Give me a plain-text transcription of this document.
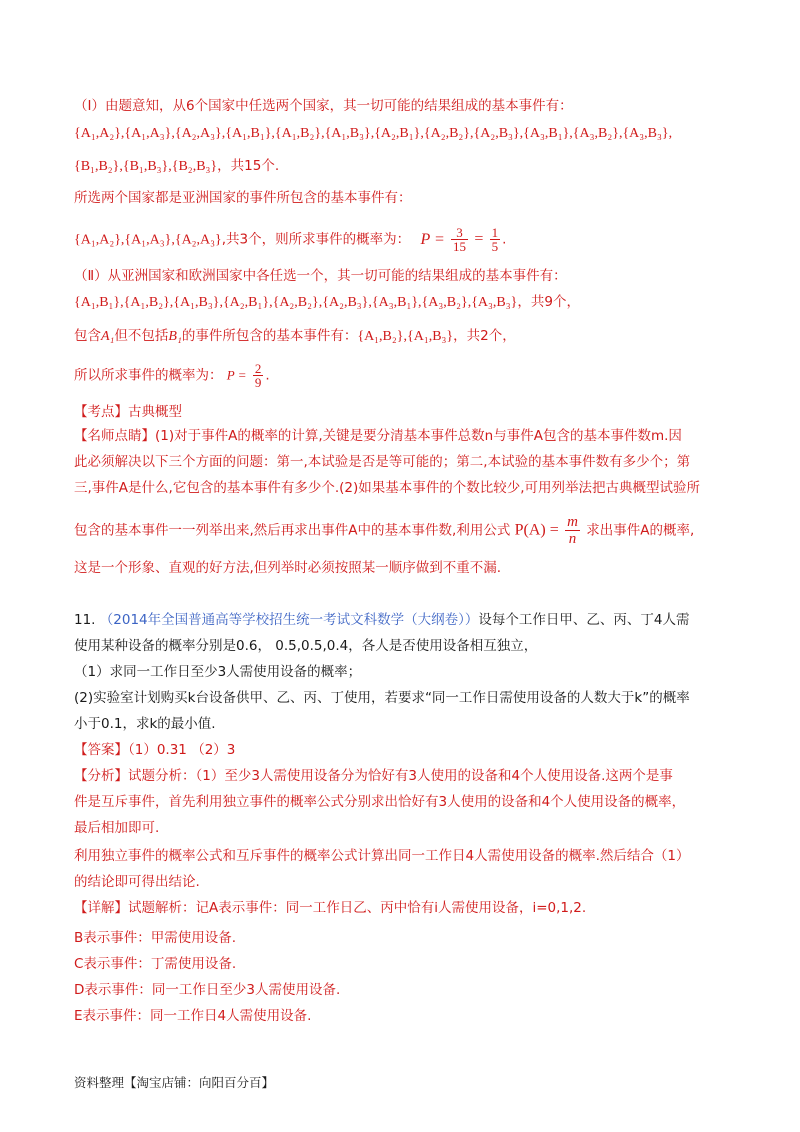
（Ⅰ）由题意知，从6个国家中任选两个国家，其一切可能的结果组成的基本事件有：
{A₁,A₂},{A₁,A₃},{A₂,A₃},{A₁,B₁},{A₁,B₂},{A₁,B₃},{A₂,B₁},{A₂,B₂},{A₂,B₃},{A₃,B₁},{A₃,B₂},{A₃,B₃},
{B₁,B₂},{B₁,B₃},{B₂,B₃}，共15个.
所选两个国家都是亚洲国家的事件所包含的基本事件有：
{A₁,A₂},{A₁,A₃},{A₂,A₃},共3个，则所求事件的概率为： $P = \frac{3}{15} = \frac{1}{5}$ .
（Ⅱ）从亚洲国家和欧洲国家中各任选一个，其一切可能的结果组成的基本事件有：
{A₁,B₁},{A₁,B₂},{A₁,B₃},{A₂,B₁},{A₂,B₂},{A₂,B₃},{A₃,B₁},{A₃,B₂},{A₃,B₃}，共9个，
包含A₁但不包括B₁的事件所包含的基本事件有：{A₁,B₂},{A₁,B₃}，共2个，
所以所求事件的概率为： $P = \frac{2}{9}$ .
【考点】古典概型
【名师点睛】(1)对于事件A的概率的计算,关键是要分清基本事件总数n与事件A包含的基本事件数m.因
此必须解决以下三个方面的问题：第一,本试验是否是等可能的；第二,本试验的基本事件数有多少个；第
三,事件A是什么,它包含的基本事件有多少个.(2)如果基本事件的个数比较少,可用列举法把古典概型试验所
包含的基本事件一一列举出来,然后再求出事件A中的基本事件数,利用公式 $P(A) = \frac{m}{n}$ 求出事件A的概率,
这是一个形象、直观的好方法,但列举时必须按照某一顺序做到不重不漏.
11. （2014年全国普通高等学校招生统一考试文科数学（大纲卷））设每个工作日甲、乙、丙、丁4人需
使用某种设备的概率分别是0.6， 0.5,0.5,0.4，各人是否使用设备相互独立，
（1）求同一工作日至少3人需使用设备的概率；
(2)实验室计划购买k台设备供甲、乙、丙、丁使用，若要求“同一工作日需使用设备的人数大于k”的概率
小于0.1，求k的最小值.
【答案】（1）0.31 （2）3
【分析】试题分析：（1）至少3人需使用设备分为恰好有3人使用的设备和4个人使用设备.这两个是事
件是互斥事件，首先利用独立事件的概率公式分别求出恰好有3人使用的设备和4个人使用设备的概率，
最后相加即可.
利用独立事件的概率公式和互斥事件的概率公式计算出同一工作日4人需使用设备的概率.然后结合（1）
的结论即可得出结论.
【详解】试题解析：记A表示事件：同一工作日乙、丙中恰有i人需使用设备，i=0,1,2.
B表示事件：甲需使用设备.
C表示事件：丁需使用设备.
D表示事件：同一工作日至少3人需使用设备.
E表示事件：同一工作日4人需使用设备.
资料整理【淘宝店铺：向阳百分百】
